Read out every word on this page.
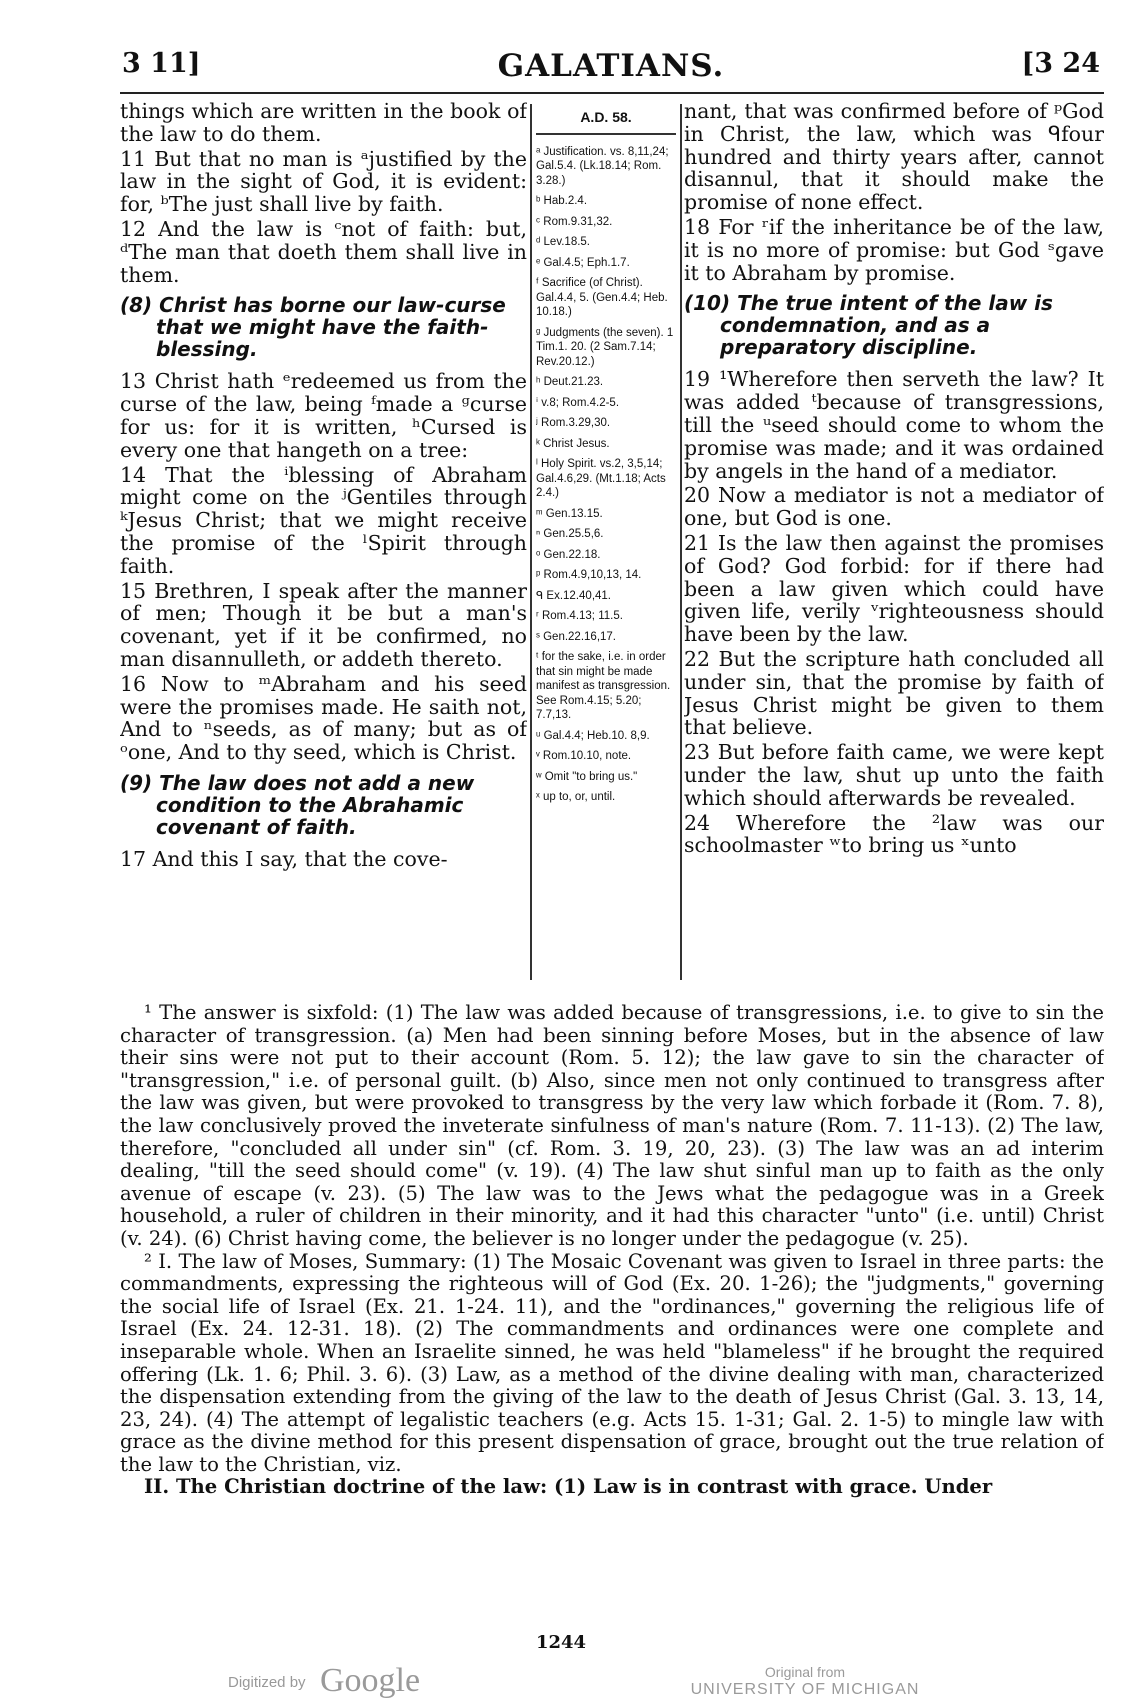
3 11]	GALATIANS.	[3 24

things which are written in the book of the law to do them.

11 But that no man is ᵃjustified by the law in the sight of God, it is evident: for, ᵇThe just shall live by faith.

12 And the law is ᶜnot of faith: but, ᵈThe man that doeth them shall live in them.

(8) Christ has borne our law-curse that we might have the faith-blessing.

13 Christ hath ᵉredeemed us from the curse of the law, being ᶠmade a ᵍcurse for us: for it is written, ʰCursed is every one that hangeth on a tree:

14 That the ⁱblessing of Abraham might come on the ʲGentiles through ᵏJesus Christ; that we might receive the promise of the ˡSpirit through faith.

15 Brethren, I speak after the manner of men; Though it be but a man's covenant, yet if it be confirmed, no man disannulleth, or addeth thereto.

16 Now to ᵐAbraham and his seed were the promises made. He saith not, And to ⁿseeds, as of many; but as of ᵒone, And to thy seed, which is Christ.

(9) The law does not add a new condition to the Abrahamic covenant of faith.

17 And this I say, that the cove-

A.D. 58.
ᵃ Justification. vs. 8,11,24; Gal.5.4. (Lk.18.14; Rom. 3.28.)
ᵇ Hab.2.4.
ᶜ Rom.9.31,32.
ᵈ Lev.18.5.
ᵉ Gal.4.5; Eph.1.7.
ᶠ Sacrifice (of Christ). Gal.4.4, 5. (Gen.4.4; Heb. 10.18.)
ᵍ Judgments (the seven). 1 Tim.1. 20. (2 Sam.7.14; Rev.20.12.)
ʰ Deut.21.23.
ⁱ v.8; Rom.4.2-5.
ʲ Rom.3.29,30.
ᵏ Christ Jesus.
ˡ Holy Spirit. vs.2, 3,5,14; Gal.4.6,29. (Mt.1.18; Acts 2.4.)
ᵐ Gen.13.15.
ⁿ Gen.25.5,6.
ᵒ Gen.22.18.
ᵖ Rom.4.9,10,13, 14.
ᑫ Ex.12.40,41.
ʳ Rom.4.13; 11.5.
ˢ Gen.22.16,17.
ᵗ for the sake, i.e. in order that sin might be made manifest as transgression. See Rom.4.15; 5.20; 7.7,13.
ᵘ Gal.4.4; Heb.10. 8,9.
ᵛ Rom.10.10, note.
ʷ Omit "to bring us."
ˣ up to, or, until.

nant, that was confirmed before of ᵖGod in Christ, the law, which was ᑫfour hundred and thirty years after, cannot disannul, that it should make the promise of none effect.

18 For ʳif the inheritance be of the law, it is no more of promise: but God ˢgave it to Abraham by promise.

(10) The true intent of the law is condemnation, and as a preparatory discipline.

19 ¹Wherefore then serveth the law? It was added ᵗbecause of transgressions, till the ᵘseed should come to whom the promise was made; and it was ordained by angels in the hand of a mediator.

20 Now a mediator is not a mediator of one, but God is one.

21 Is the law then against the promises of God? God forbid: for if there had been a law given which could have given life, verily ᵛrighteousness should have been by the law.

22 But the scripture hath concluded all under sin, that the promise by faith of Jesus Christ might be given to them that believe.

23 But before faith came, we were kept under the law, shut up unto the faith which should afterwards be revealed.

24 Wherefore the ²law was our schoolmaster ʷto bring us ˣunto

¹ The answer is sixfold: (1) The law was added because of transgressions, i.e. to give to sin the character of transgression. (a) Men had been sinning before Moses, but in the absence of law their sins were not put to their account (Rom. 5. 12); the law gave to sin the character of "transgression," i.e. of personal guilt. (b) Also, since men not only continued to transgress after the law was given, but were provoked to transgress by the very law which forbade it (Rom. 7. 8), the law conclusively proved the inveterate sinfulness of man's nature (Rom. 7. 11-13). (2) The law, therefore, "concluded all under sin" (cf. Rom. 3. 19, 20, 23). (3) The law was an ad interim dealing, "till the seed should come" (v. 19). (4) The law shut sinful man up to faith as the only avenue of escape (v. 23). (5) The law was to the Jews what the pedagogue was in a Greek household, a ruler of children in their minority, and it had this character "unto" (i.e. until) Christ (v. 24). (6) Christ having come, the believer is no longer under the pedagogue (v. 25).

² I. The law of Moses, Summary: (1) The Mosaic Covenant was given to Israel in three parts: the commandments, expressing the righteous will of God (Ex. 20. 1-26); the "judgments," governing the social life of Israel (Ex. 21. 1-24. 11), and the "ordinances," governing the religious life of Israel (Ex. 24. 12-31. 18). (2) The commandments and ordinances were one complete and inseparable whole. When an Israelite sinned, he was held "blameless" if he brought the required offering (Lk. 1. 6; Phil. 3. 6). (3) Law, as a method of the divine dealing with man, characterized the dispensation extending from the giving of the law to the death of Jesus Christ (Gal. 3. 13, 14, 23, 24). (4) The attempt of legalistic teachers (e.g. Acts 15. 1-31; Gal. 2. 1-5) to mingle law with grace as the divine method for this present dispensation of grace, brought out the true relation of the law to the Christian, viz.

II. The Christian doctrine of the law: (1) Law is in contrast with grace. Under

1244
Digitized by Google	Original from
UNIVERSITY OF MICHIGAN
